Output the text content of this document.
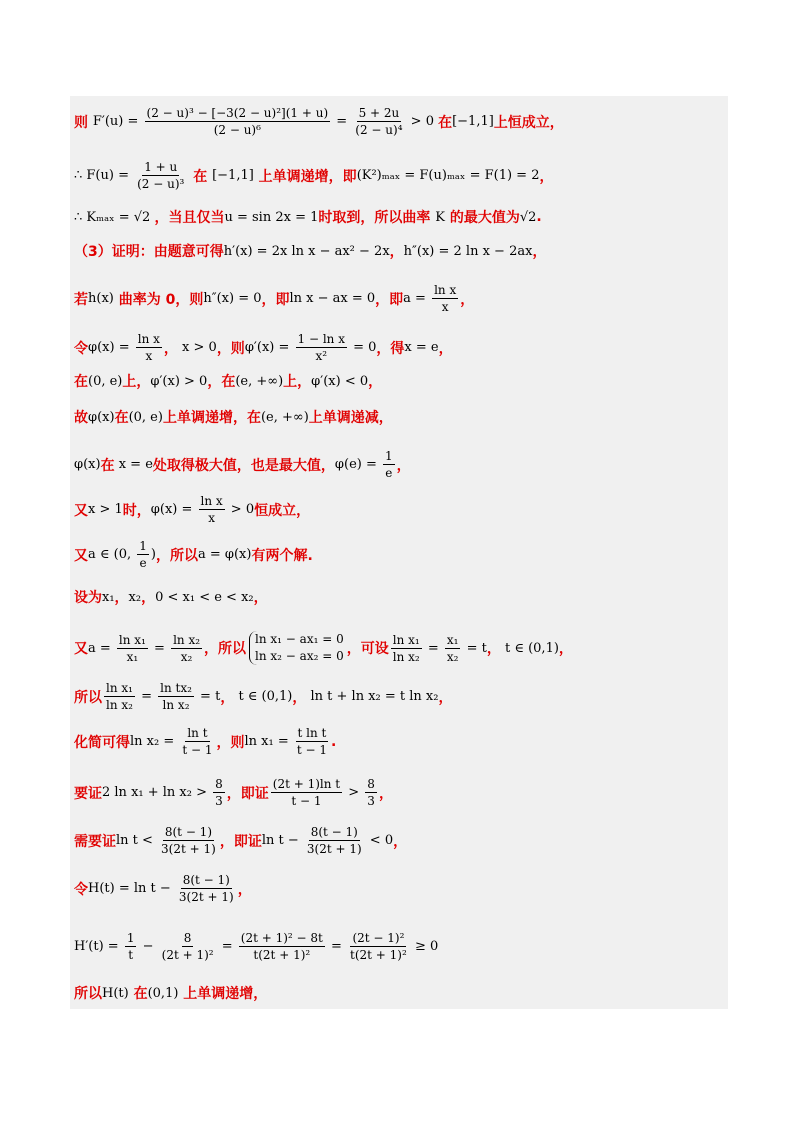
则 $F'(u) = \frac{\text{(2 − u)³ − [−3(2 − u)²](1 + u)}}{\text{(2 − u)⁶}} = \frac{5 + 2u}{\text{(2 − u)⁴}} > 0$ 在 [−1,1] 上恒成立，
∴ $F(u) = \frac{1 + u}{\text{(2 − u)³}}$ 在 [−1,1] 上单调递增，即 (K²)ₘₐₓ = F(u)ₘₐₓ = F(1) = 2 ，
∴ Kₘₐₓ = √2 ，当且仅当 u = sin 2x = 1 时取到，所以曲率 K 的最大值为 √2 .
（3）证明：由题意可得 h′(x) = 2x ln x − ax² − 2x ， h″(x) = 2 ln x − 2ax ，
若 h(x) 曲率为 0，则 h″(x) = 0 ，即 ln x − ax = 0 ，即 $a = \frac{\text{ln x}}{x}$ ，
令 $\varphi(x) = \frac{\text{ln x}}{x}$ ， x > 0 ，则 $\varphi'(x) = \frac{\text{1 − ln x}}{\text{x²}} = 0$ ，得 x = e ，
在 (0, e) 上， φ′(x) > 0 ，在 (e, +∞) 上， φ′(x) < 0 ，
故 φ(x) 在 (0, e) 上单调递增，在 (e, +∞) 上单调递减，
φ(x) 在 x = e 处取得极大值，也是最大值， $\varphi(e) = \frac{1}{e}$ ，
又 x > 1 时， $\varphi(x) = \frac{\text{ln x}}{x} > 0$ 恒成立，
又 a ∈ (0, $\frac{1}{e}$ ) ，所以 a = φ(x) 有两个解.
设为 x₁ ， x₂ ， 0 < x₁ < e < x₂ ，
又 $a = \frac{\text{ln x₁}}{\text{x₁}} = \frac{\text{ln x₂}}{\text{x₂}}$ ，所以
ln x₁ − ax₁ = 0
ln x₂ − ax₂ = 0 ，可设 $\frac{\text{ln x₁}}{\text{ln x₂}} = \frac{\text{x₁}}{\text{x₂}} = t$ ， t ∈ (0,1) ，
所以 $\frac{\text{ln x₁}}{\text{ln x₂}} = \frac{\text{ln tx₂}}{\text{ln x₂}} = t$ ， t ∈ (0,1) ， ln t + ln x₂ = t ln x₂ ，
化简可得 $\ln x_2 = \frac{\text{ln t}}{t - 1}$ ，则 $\ln x_1 = \frac{\text{t ln t}}{t - 1}$ .
要证 2 $\ln x_1 + \ln x_2 > \frac{8}{3}$ ，即证 $\frac{\text{(2t + 1)ln t}}{t - 1} > \frac{8}{3}$ ，
需要证 $\ln t < \frac{8(t - 1)}{3(2t + 1)}$ ，即证 $\ln t - \frac{8(t - 1)}{3(2t + 1)} < 0$ ，
令 $H(t) = \ln t - \frac{8(t - 1)}{3(2t + 1)}$ ，
$H'(t) = \frac{1}{t} - \frac{8}{\text{(2t + 1)²}} = \frac{\text{(2t + 1)² − 8t}}{\text{t(2t + 1)²}} = \frac{\text{(2t − 1)²}}{\text{t(2t + 1)²}} \ge 0$
所以 H(t) 在 (0,1) 上单调递增，
